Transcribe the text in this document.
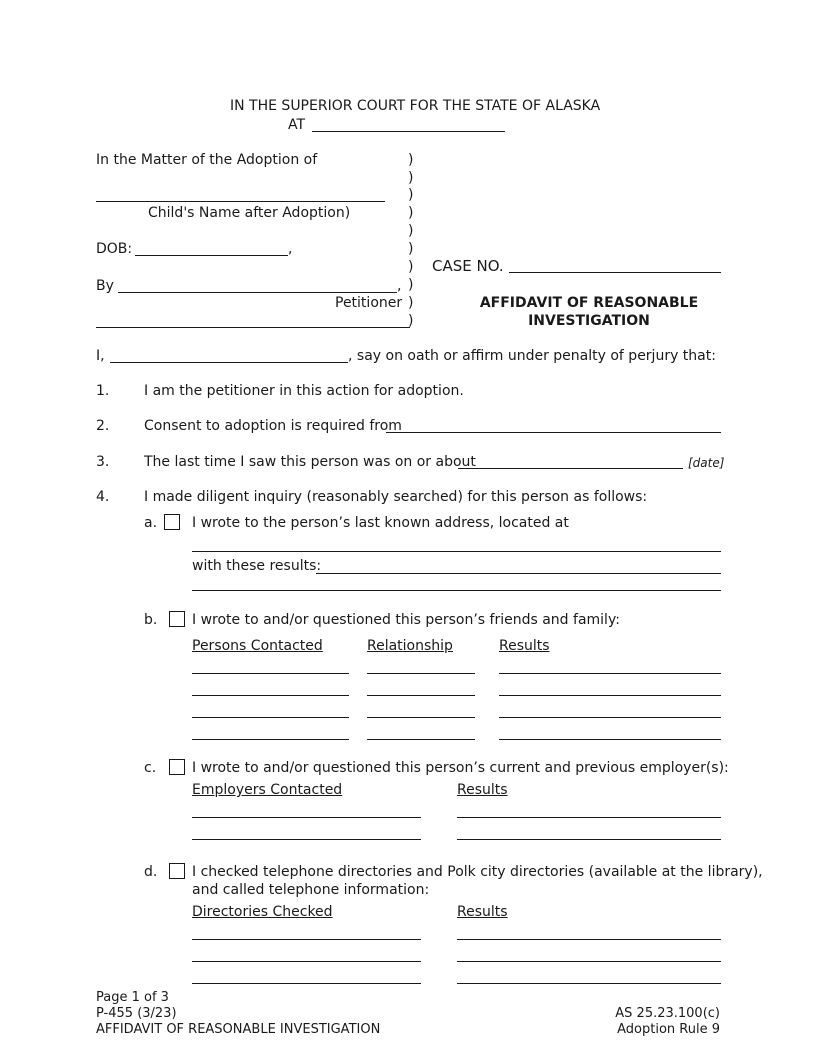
IN THE SUPERIOR COURT FOR THE STATE OF ALASKA
AT
In the Matter of the Adoption of
Child's Name after Adoption)
DOB:	,
By	,
Petitioner
)
)
)
)
)
)
)
)
)
)
CASE NO.
AFFIDAVIT OF REASONABLE
INVESTIGATION
I,	, say on oath or affirm under penalty of perjury that:
1. I am the petitioner in this action for adoption.
2. Consent to adoption is required from
3. The last time I saw this person was on or about	[date]
4. I made diligent inquiry (reasonably searched) for this person as follows:
a. I wrote to the person’s last known address, located at
with these results:
b. I wrote to and/or questioned this person’s friends and family:
Persons Contacted	Relationship	Results
c.	I wrote to and/or questioned this person’s current and previous employer(s):
Employers Contacted	Results
d. I checked telephone directories and Polk city directories (available at the library),
and called telephone information:
Directories Checked	Results
Page 1 of 3
P-455 (3/23)
AFFIDAVIT OF REASONABLE INVESTIGATION
AS 25.23.100(c)
Adoption Rule 9
